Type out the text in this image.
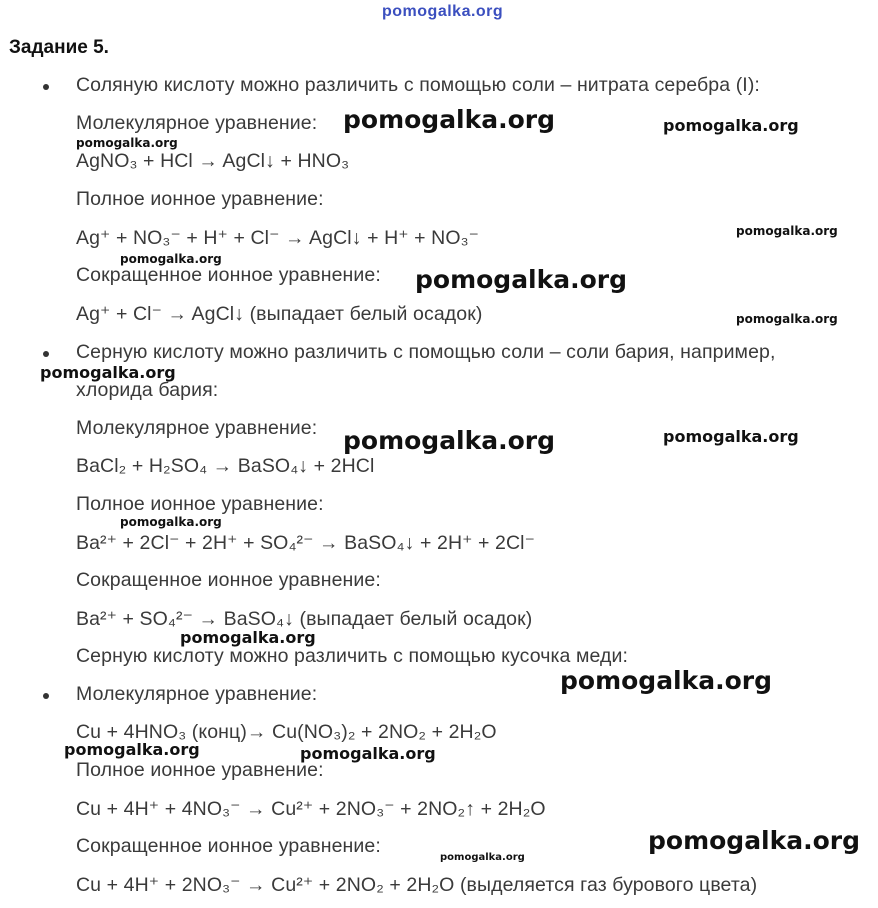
pomogalka.org
Задание 5.
Соляную кислоту можно различить с помощью соли – нитрата серебра (I):
Молекулярное уравнение:
AgNO₃ + HCl → AgCl↓ + HNO₃
Полное ионное уравнение:
Ag⁺ + NO₃⁻ + H⁺ + Cl⁻ → AgCl↓ + H⁺ + NO₃⁻
Сокращенное ионное уравнение:
Ag⁺ + Cl⁻ → AgCl↓ (выпадает белый осадок)
Серную кислоту можно различить с помощью соли – соли бария, например,
хлорида бария:
Молекулярное уравнение:
BaCl₂ + H₂SO₄ → BaSO₄↓ + 2HCl
Полное ионное уравнение:
Ba²⁺ + 2Cl⁻ + 2H⁺ + SO₄²⁻ → BaSO₄↓ + 2H⁺ + 2Cl⁻
Сокращенное ионное уравнение:
Ba²⁺ + SO₄²⁻ → BaSO₄↓ (выпадает белый осадок)
Серную кислоту можно различить с помощью кусочка меди:
Молекулярное уравнение:
Cu + 4HNO₃ (конц)→ Cu(NO₃)₂ + 2NO₂ + 2H₂O
Полное ионное уравнение:
Cu + 4H⁺ + 4NO₃⁻ → Cu²⁺ + 2NO₃⁻ + 2NO₂↑ + 2H₂O
Сокращенное ионное уравнение:
Cu + 4H⁺ + 2NO₃⁻ → Cu²⁺ + 2NO₂ + 2H₂O (выделяется газ бурового цвета)
pomogalka.org	pomogalka.org
pomogalka.org
pomogalka.org
pomogalka.org
pomogalka.org
pomogalka.org
pomogalka.org
pomogalka.org	pomogalka.org
pomogalka.org
pomogalka.org
pomogalka.org
pomogalka.org	pomogalka.org
pomogalka.org
pomogalka.org
